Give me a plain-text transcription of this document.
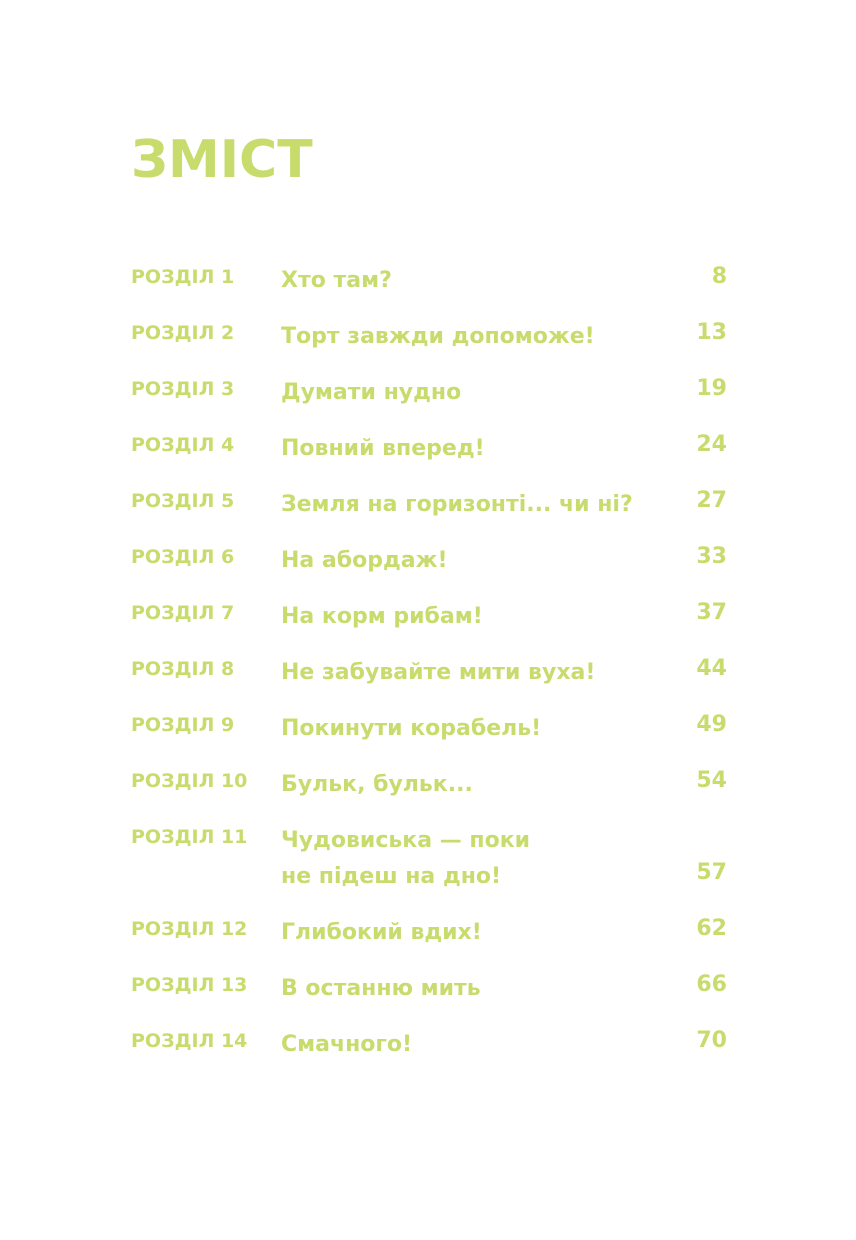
ЗМІСТ
РОЗДІЛ 1 Хто там?	8
РОЗДІЛ 2 Торт завжди допоможе!	13
РОЗДІЛ 3 Думати нудно	19
РОЗДІЛ 4 Повний вперед!	24
РОЗДІЛ 5 Земля на горизонті... чи ні?	27
РОЗДІЛ 6 На абордаж!	33
РОЗДІЛ 7 На корм рибам!	37
РОЗДІЛ 8 Не забувайте мити вуха!	44
РОЗДІЛ 9 Покинути корабель!	49
РОЗДІЛ 10 Бульк, бульк...	54
РОЗДІЛ 11 Чудовиська — поки
не підеш на дно!	57
РОЗДІЛ 12 Глибокий вдих!	62
РОЗДІЛ 13 В останню мить	66
РОЗДІЛ 14 Смачного!	70
